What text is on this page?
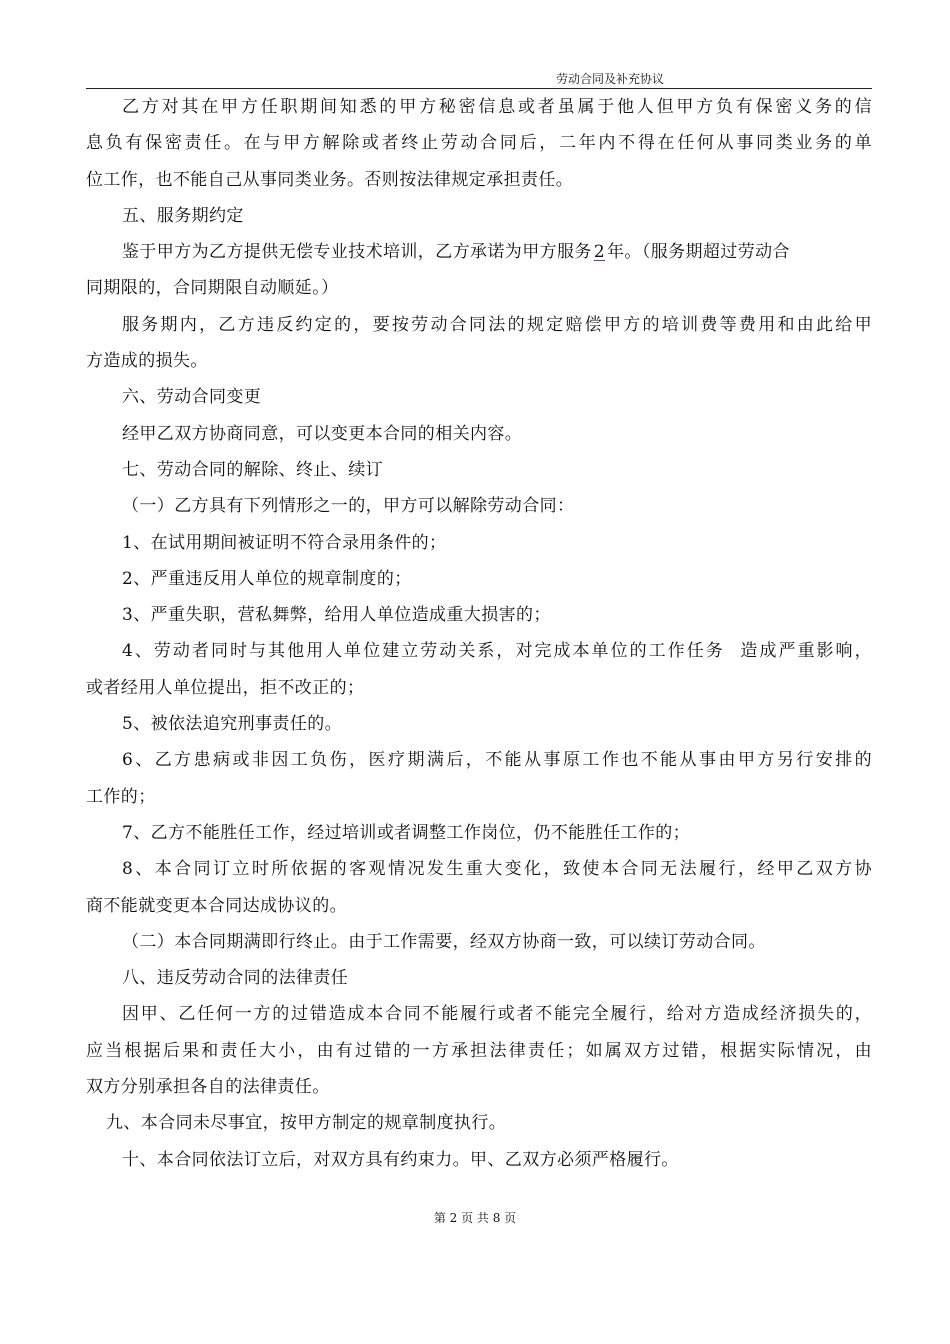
劳动合同及补充协议
乙方对其在甲方任职期间知悉的甲方秘密信息或者虽属于他人但甲方负有保密义务的信
息负有保密责任。在与甲方解除或者终止劳动合同后，二年内不得在任何从事同类业务的单
位工作，也不能自己从事同类业务。否则按法律规定承担责任。
五、服务期约定
鉴于甲方为乙方提供无偿专业技术培训，乙方承诺为甲方服务 2 年。（服务期超过劳动合
同期限的，合同期限自动顺延。）
服务期内，乙方违反约定的，要按劳动合同法的规定赔偿甲方的培训费等费用和由此给甲
方造成的损失。
六、劳动合同变更
经甲乙双方协商同意，可以变更本合同的相关内容。
七、劳动合同的解除、终止、续订
（一）乙方具有下列情形之一的，甲方可以解除劳动合同：
1、在试用期间被证明不符合录用条件的；
2、严重违反用人单位的规章制度的；
3、严重失职，营私舞弊，给用人单位造成重大损害的；
4、劳动者同时与其他用人单位建立劳动关系，对完成本单位的工作任务 造成严重影响，
或者经用人单位提出，拒不改正的；
5、被依法追究刑事责任的。
6、乙方患病或非因工负伤，医疗期满后，不能从事原工作也不能从事由甲方另行安排的
工作的；
7、乙方不能胜任工作，经过培训或者调整工作岗位，仍不能胜任工作的；
8、本合同订立时所依据的客观情况发生重大变化，致使本合同无法履行，经甲乙双方协
商不能就变更本合同达成协议的。
（二）本合同期满即行终止。由于工作需要，经双方协商一致，可以续订劳动合同。
八、违反劳动合同的法律责任
因甲、乙任何一方的过错造成本合同不能履行或者不能完全履行，给对方造成经济损失的，
应当根据后果和责任大小，由有过错的一方承担法律责任；如属双方过错，根据实际情况，由
双方分别承担各自的法律责任。
九、本合同未尽事宜，按甲方制定的规章制度执行。
十、本合同依法订立后，对双方具有约束力。甲、乙双方必须严格履行。
第 2 页 共 8 页
